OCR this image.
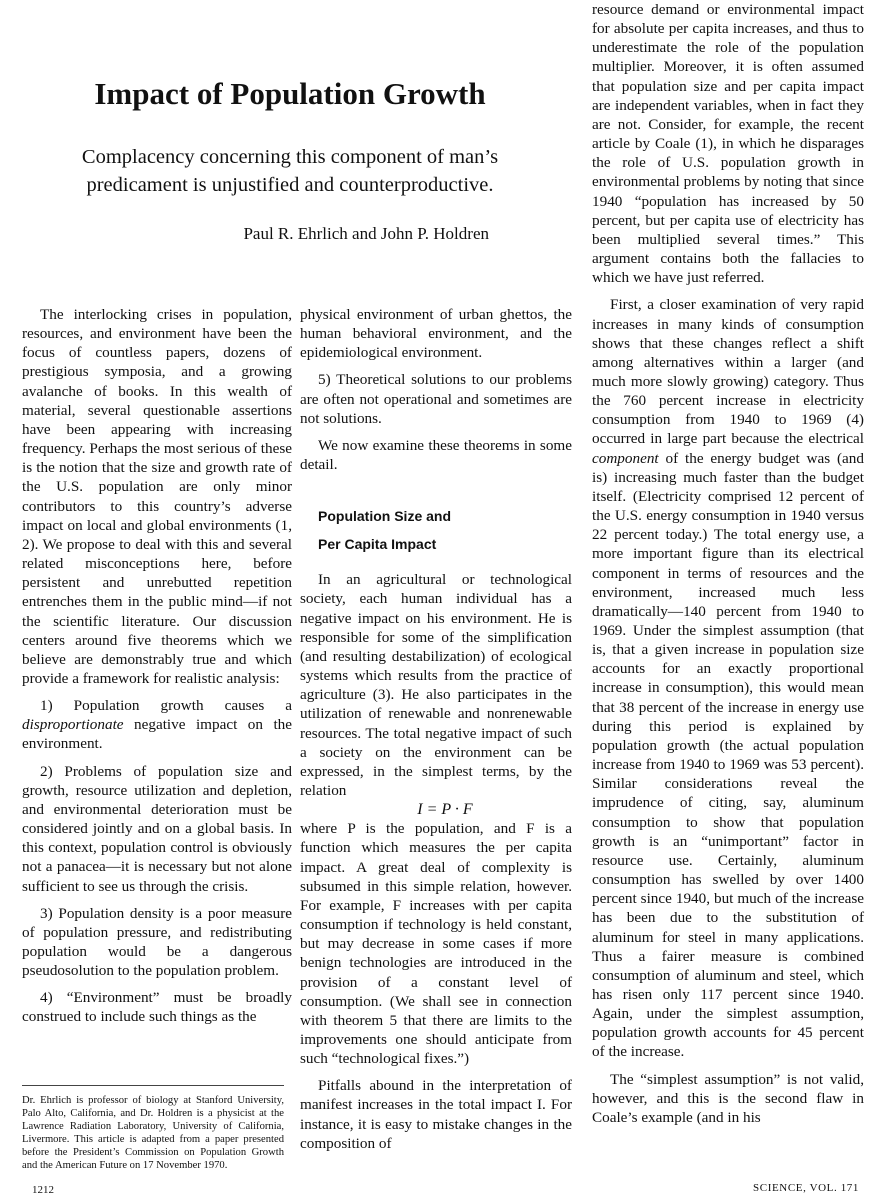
Impact of Population Growth

Complacency concerning this component of man’s predicament is unjustified and counterproductive.

Paul R. Ehrlich and John P. Holdren

The interlocking crises in population, resources, and environment have been the focus of countless papers, dozens of prestigious symposia, and a growing avalanche of books. In this wealth of material, several questionable assertions have been appearing with increasing frequency. Perhaps the most serious of these is the notion that the size and growth rate of the U.S. population are only minor contributors to this country’s adverse impact on local and global environments (1, 2). We propose to deal with this and several related misconceptions here, before persistent and unrebutted repetition entrenches them in the public mind—if not the scientific literature. Our discussion centers around five theorems which we believe are demonstrably true and which provide a framework for realistic analysis:

1) Population growth causes a disproportionate negative impact on the environment.

2) Problems of population size and growth, resource utilization and depletion, and environmental deterioration must be considered jointly and on a global basis. In this context, population control is obviously not a panacea—it is necessary but not alone sufficient to see us through the crisis.

3) Population density is a poor measure of population pressure, and redistributing population would be a dangerous pseudosolution to the population problem.

4) “Environment” must be broadly construed to include such things as the

physical environment of urban ghettos, the human behavioral environment, and the epidemiological environment.

5) Theoretical solutions to our problems are often not operational and sometimes are not solutions.

We now examine these theorems in some detail.

Population Size and

Per Capita Impact

In an agricultural or technological society, each human individual has a negative impact on his environment. He is responsible for some of the simplification (and resulting destabilization) of ecological systems which results from the practice of agriculture (3). He also participates in the utilization of renewable and nonrenewable resources. The total negative impact of such a society on the environment can be expressed, in the simplest terms, by the relation

I = P · F

where P is the population, and F is a function which measures the per capita impact. A great deal of complexity is subsumed in this simple relation, however. For example, F increases with per capita consumption if technology is held constant, but may decrease in some cases if more benign technologies are introduced in the provision of a constant level of consumption. (We shall see in connection with theorem 5 that there are limits to the improvements one should anticipate from such “technological fixes.”)

Pitfalls abound in the interpretation of manifest increases in the total impact I. For instance, it is easy to mistake changes in the composition of

resource demand or environmental impact for absolute per capita increases, and thus to underestimate the role of the population multiplier. Moreover, it is often assumed that population size and per capita impact are independent variables, when in fact they are not. Consider, for example, the recent article by Coale (1), in which he disparages the role of U.S. population growth in environmental problems by noting that since 1940 “population has increased by 50 percent, but per capita use of electricity has been multiplied several times.” This argument contains both the fallacies to which we have just referred.

First, a closer examination of very rapid increases in many kinds of consumption shows that these changes reflect a shift among alternatives within a larger (and much more slowly growing) category. Thus the 760 percent increase in electricity consumption from 1940 to 1969 (4) occurred in large part because the electrical component of the energy budget was (and is) increasing much faster than the budget itself. (Electricity comprised 12 percent of the U.S. energy consumption in 1940 versus 22 percent today.) The total energy use, a more important figure than its electrical component in terms of resources and the environment, increased much less dramatically—140 percent from 1940 to 1969. Under the simplest assumption (that is, that a given increase in population size accounts for an exactly proportional increase in consumption), this would mean that 38 percent of the increase in energy use during this period is explained by population growth (the actual population increase from 1940 to 1969 was 53 percent). Similar considerations reveal the imprudence of citing, say, aluminum consumption to show that population growth is an “unimportant” factor in resource use. Certainly, aluminum consumption has swelled by over 1400 percent since 1940, but much of the increase has been due to the substitution of aluminum for steel in many applications. Thus a fairer measure is combined consumption of aluminum and steel, which has risen only 117 percent since 1940. Again, under the simplest assumption, population growth accounts for 45 percent of the increase.

The “simplest assumption” is not valid, however, and this is the second flaw in Coale’s example (and in his

Dr. Ehrlich is professor of biology at Stanford University, Palo Alto, California, and Dr. Holdren is a physicist at the Lawrence Radiation Laboratory, University of California, Livermore. This article is adapted from a paper presented before the President’s Commission on Population Growth and the American Future on 17 November 1970.
1212	SCIENCE, VOL. 171
